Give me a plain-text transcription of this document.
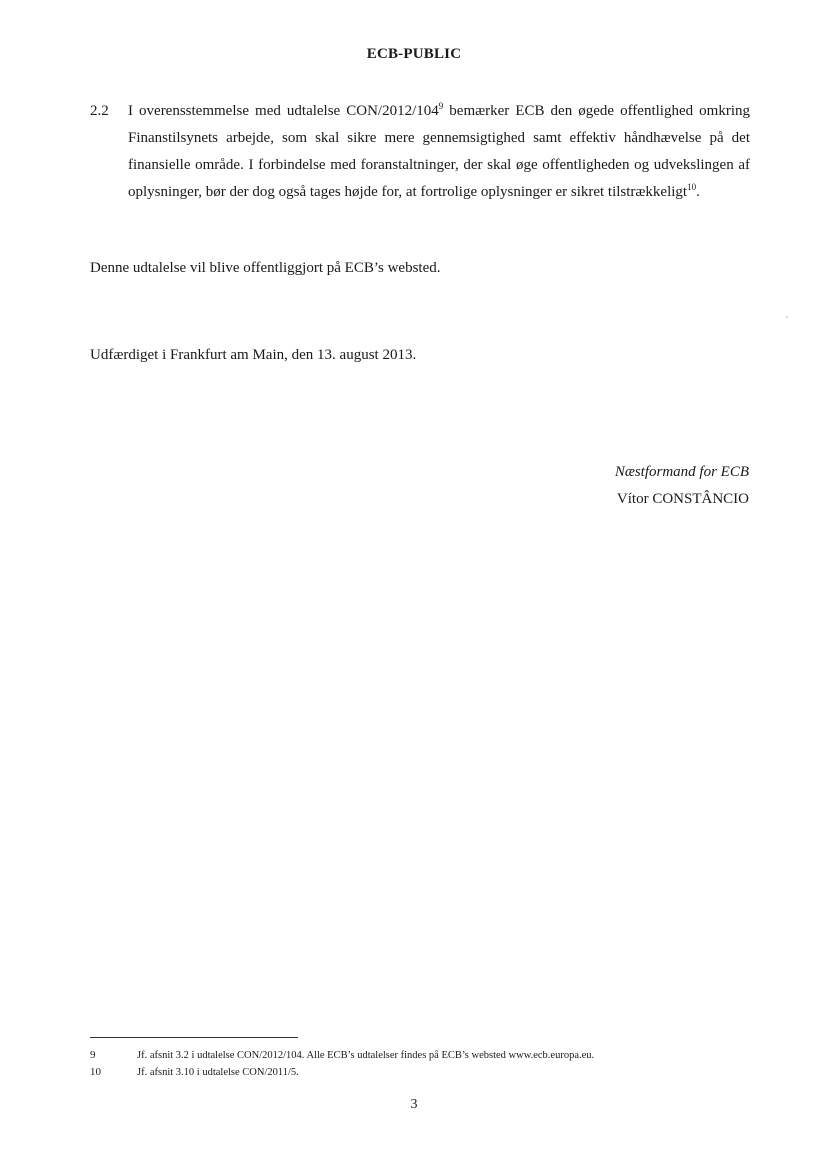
ECB-PUBLIC
2.2 I overensstemmelse med udtalelse CON/$2012/104^9$ bemærker ECB den øgede offentlighed omkring Finanstilsynets arbejde, som skal sikre mere gennemsigtighed samt effektiv håndhævelse på det finansielle område. I forbindelse med foranstaltninger, der skal øge offentligheden og udvekslingen af oplysninger, bør der dog også tages højde for, at fortrolige oplysninger er sikret tilstrækkeligt$^{10}$.
Denne udtalelse vil blive offentliggjort på ECB’s websted.
Udfærdiget i Frankfurt am Main, den 13. august 2013.
Næstformand for ECB
Vítor CONSTÂNCIO
9	Jf. afsnit 3.2 i udtalelse CON/2012/104. Alle ECB’s udtalelser findes på ECB’s websted www.ecb.europa.eu.
10	Jf. afsnit 3.10 i udtalelse CON/2011/5.
3
